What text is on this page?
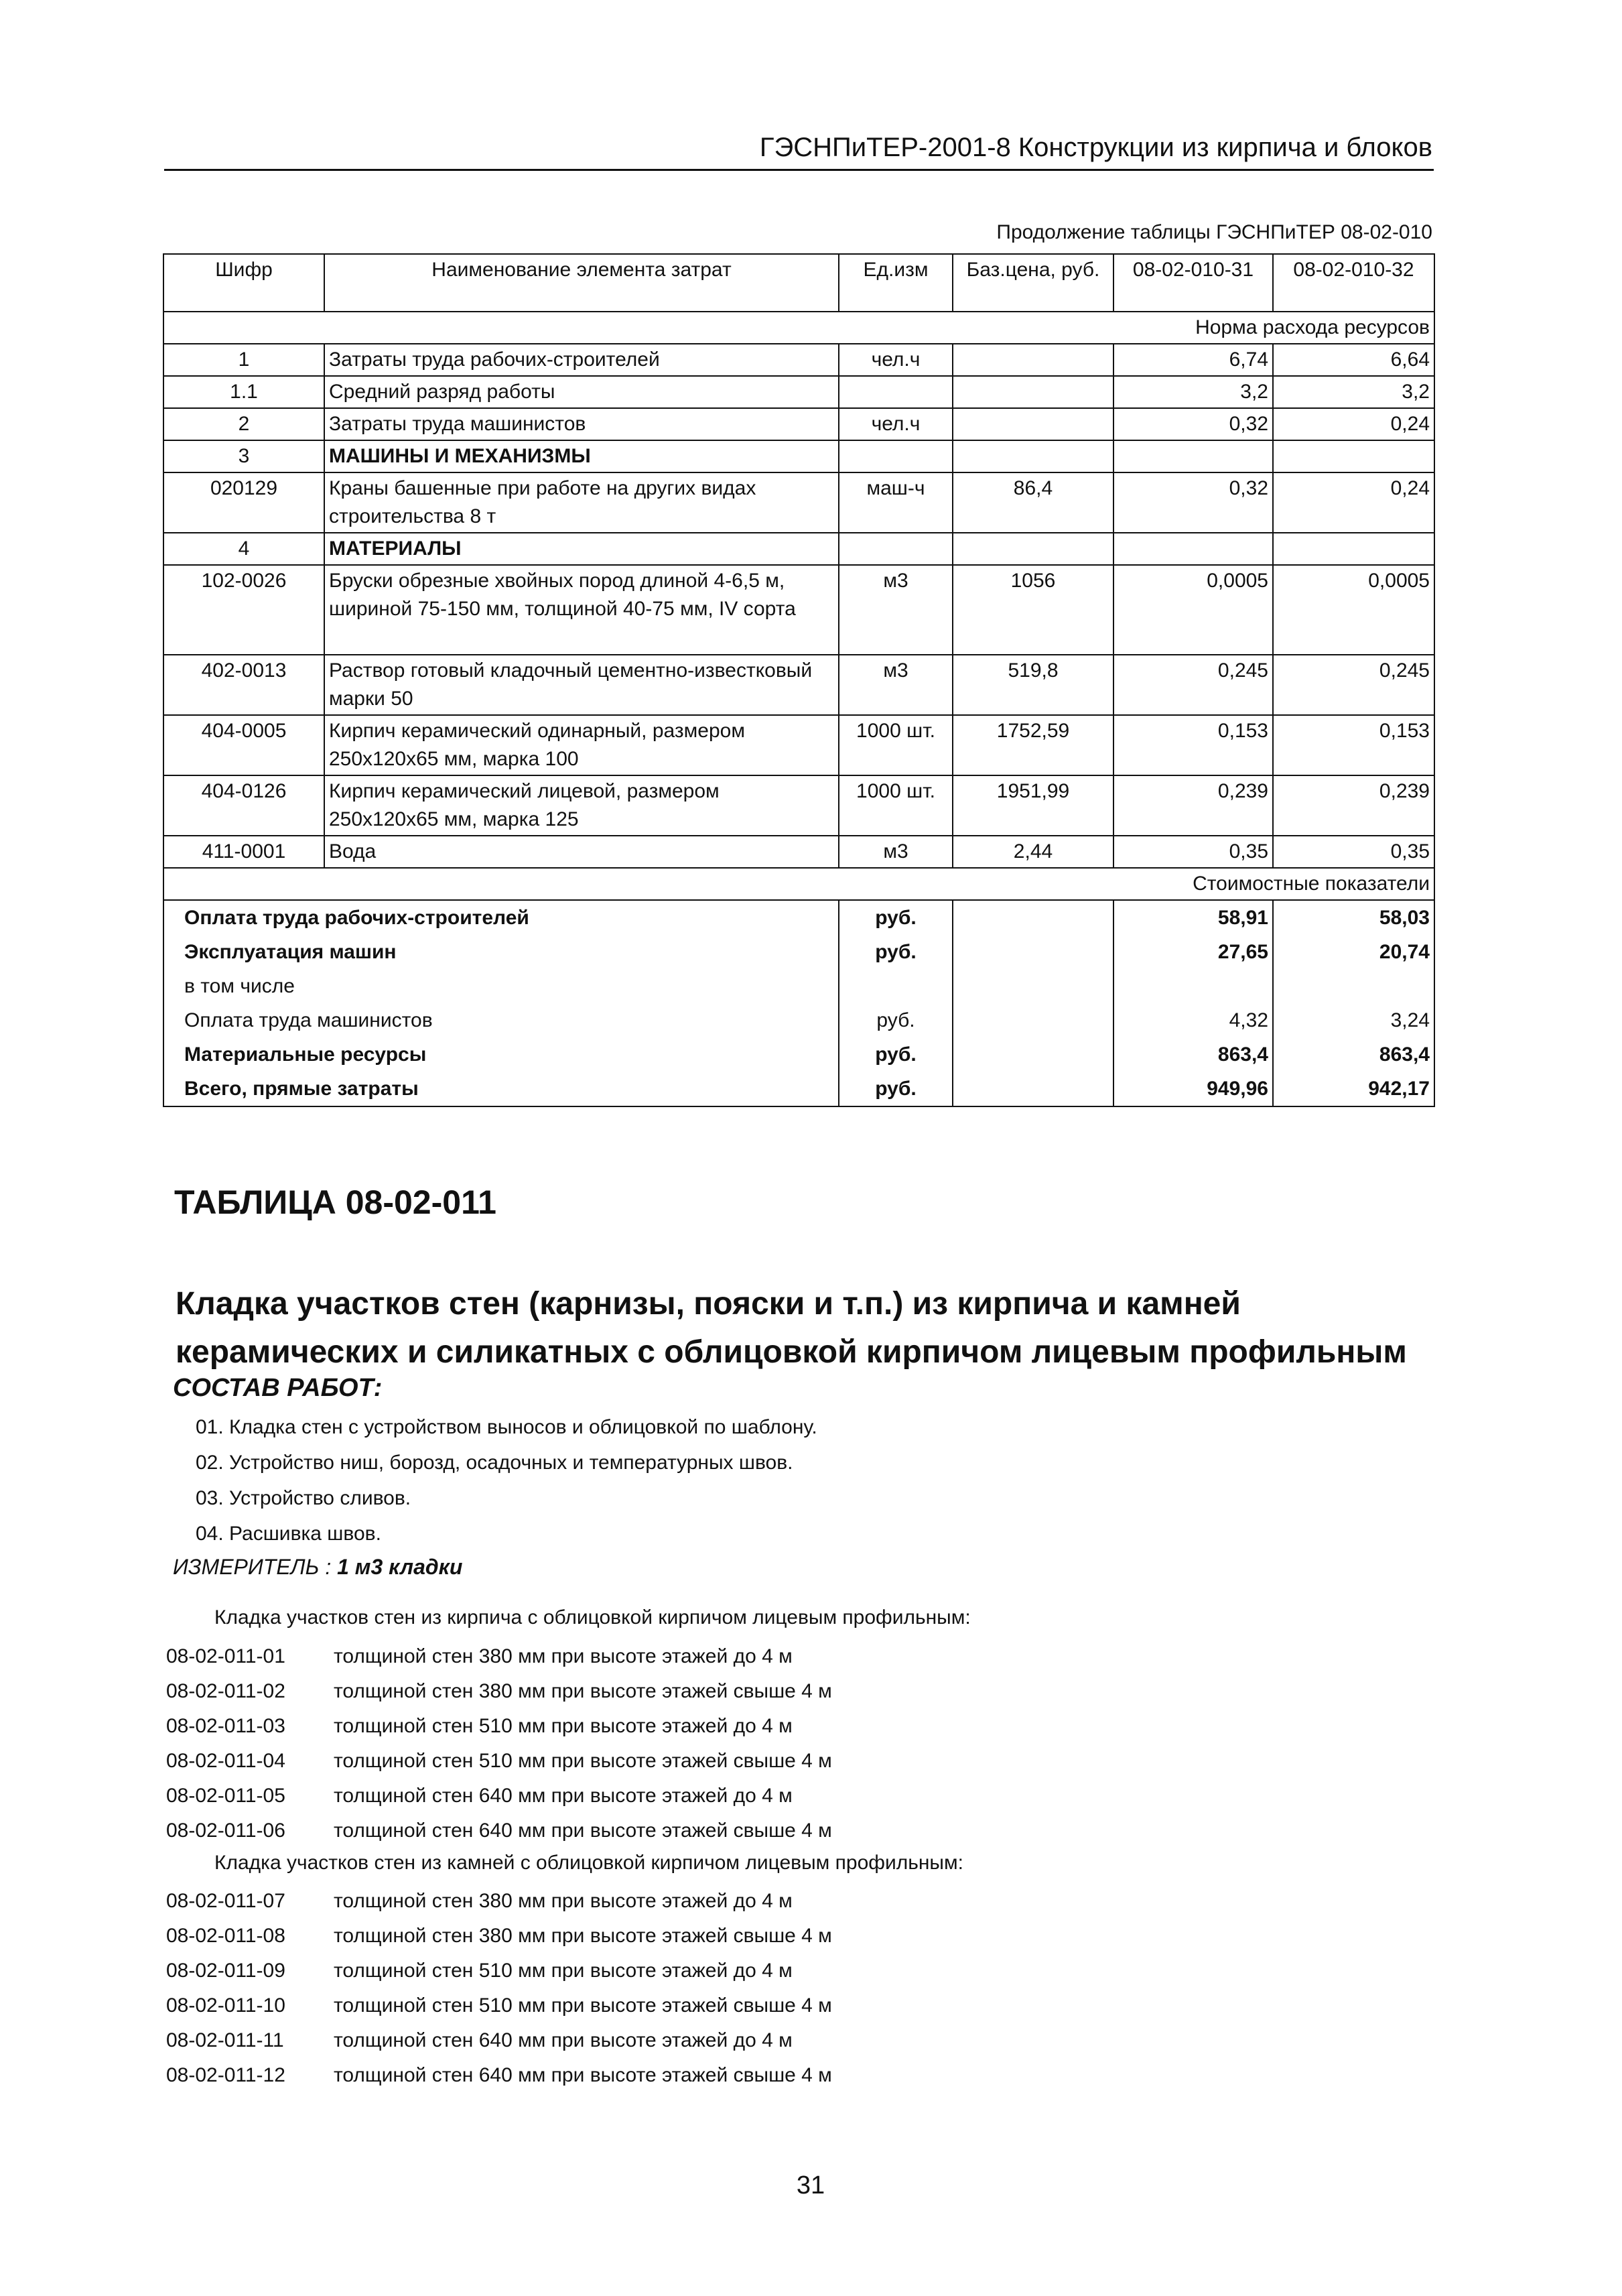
ГЭСНПиТЕР-2001-8 Конструкции из кирпича и блоков
Продолжение таблицы ГЭСНПиТЕР 08-02-010
Шифр	Наименование элемента затрат	Ед.изм	Баз.цена, руб.	08-02-010-31	08-02-010-32
Норма расхода ресурсов					
1	Затраты труда рабочих-строителей	чел.ч		6,74	6,64
1.1	Средний разряд работы			3,2	3,2
2	Затраты труда машинистов	чел.ч		0,32	0,24
3	МАШИНЫ И МЕХАНИЗМЫ				
020129	Краны башенные при работе на других видах строительства 8 т	маш-ч	86,4	0,32	0,24
4	МАТЕРИАЛЫ				
102-0026	Бруски обрезные хвойных пород длиной 4-6,5 м, шириной 75-150 мм, толщиной 40-75 мм, IV сорта	м3	1056	0,0005	0,0005
402-0013	Раствор готовый кладочный цементно-известковый марки 50	м3	519,8	0,245	0,245
404-0005	Кирпич керамический одинарный, размером 250х120х65 мм, марка 100	1000 шт.	1752,59	0,153	0,153
404-0126	Кирпич керамический лицевой, размером 250х120х65 мм, марка 125	1000 шт.	1951,99	0,239	0,239
411-0001	Вода	м3	2,44	0,35	0,35
Стоимостные показатели					
Оплата труда рабочих-строителей		руб.		58,91	58,03
Эксплуатация машин		руб.		27,65	20,74
в том числе					
Оплата труда машинистов		руб.		4,32	3,24
Материальные ресурсы		руб.		863,4	863,4
Всего, прямые затраты		руб.		949,96	942,17
ТАБЛИЦА 08-02-011
Кладка участков стен (карнизы, пояски и т.п.) из кирпича и камней керамических и силикатных с облицовкой кирпичом лицевым профильным
СОСТАВ РАБОТ:
01. Кладка стен с устройством выносов и облицовкой по шаблону.
02. Устройство ниш, борозд, осадочных и температурных швов.
03. Устройство сливов.
04. Расшивка швов.
ИЗМЕРИТЕЛЬ : 1 м3 кладки
Кладка участков стен из кирпича с облицовкой кирпичом лицевым профильным:
08-02-011-01 толщиной стен 380 мм при высоте этажей до 4 м
08-02-011-02 толщиной стен 380 мм при высоте этажей свыше 4 м
08-02-011-03 толщиной стен 510 мм при высоте этажей до 4 м
08-02-011-04 толщиной стен 510 мм при высоте этажей свыше 4 м
08-02-011-05 толщиной стен 640 мм при высоте этажей до 4 м
08-02-011-06 толщиной стен 640 мм при высоте этажей свыше 4 м
Кладка участков стен из камней с облицовкой кирпичом лицевым профильным:
08-02-011-07 толщиной стен 380 мм при высоте этажей до 4 м
08-02-011-08 толщиной стен 380 мм при высоте этажей свыше 4 м
08-02-011-09 толщиной стен 510 мм при высоте этажей до 4 м
08-02-011-10 толщиной стен 510 мм при высоте этажей свыше 4 м
08-02-011-11 толщиной стен 640 мм при высоте этажей до 4 м
08-02-011-12 толщиной стен 640 мм при высоте этажей свыше 4 м
31
